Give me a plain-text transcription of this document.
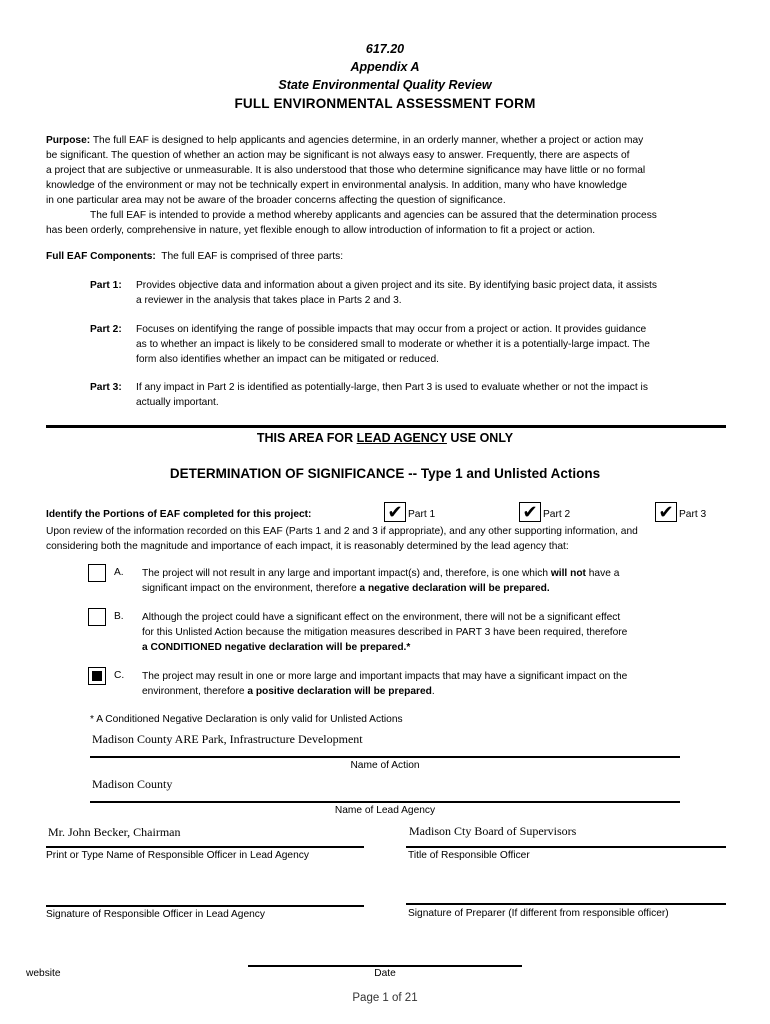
617.20
Appendix A
State Environmental Quality Review
FULL ENVIRONMENTAL ASSESSMENT FORM
Purpose: The full EAF is designed to help applicants and agencies determine, in an orderly manner, whether a project or action may
be significant. The question of whether an action may be significant is not always easy to answer. Frequently, there are aspects of
a project that are subjective or unmeasurable. It is also understood that those who determine significance may have little or no formal
knowledge of the environment or may not be technically expert in environmental analysis. In addition, many who have knowledge
in one particular area may not be aware of the broader concerns affecting the question of significance.
The full EAF is intended to provide a method whereby applicants and agencies can be assured that the determination process
has been orderly, comprehensive in nature, yet flexible enough to allow introduction of information to fit a project or action.
Full EAF Components: The full EAF is comprised of three parts:
Part 1: Provides objective data and information about a given project and its site. By identifying basic project data, it assists
a reviewer in the analysis that takes place in Parts 2 and 3.
Part 2: Focuses on identifying the range of possible impacts that may occur from a project or action. It provides guidance
as to whether an impact is likely to be considered small to moderate or whether it is a potentially-large impact. The
form also identifies whether an impact can be mitigated or reduced.
Part 3: If any impact in Part 2 is identified as potentially-large, then Part 3 is used to evaluate whether or not the impact is
actually important.
THIS AREA FOR LEAD AGENCY USE ONLY
DETERMINATION OF SIGNIFICANCE -- Type 1 and Unlisted Actions
Identify the Portions of EAF completed for this project:	✔ Part 1	✔ Part 2	✔ Part 3
Upon review of the information recorded on this EAF (Parts 1 and 2 and 3 if appropriate), and any other supporting information, and
considering both the magnitude and importance of each impact, it is reasonably determined by the lead agency that:
A. The project will not result in any large and important impact(s) and, therefore, is one which will not have a
significant impact on the environment, therefore a negative declaration will be prepared.
B. Although the project could have a significant effect on the environment, there will not be a significant effect
for this Unlisted Action because the mitigation measures described in PART 3 have been required, therefore
a CONDITIONED negative declaration will be prepared.*
C. The project may result in one or more large and important impacts that may have a significant impact on the
environment, therefore a positive declaration will be prepared.
* A Conditioned Negative Declaration is only valid for Unlisted Actions
Madison County ARE Park, Infrastructure Development
Name of Action
Madison County
Name of Lead Agency
Mr. John Becker, Chairman
Print or Type Name of Responsible Officer in Lead Agency
Madison Cty Board of Supervisors
Title of Responsible Officer
Signature of Responsible Officer in Lead Agency	Signature of Preparer (If different from responsible officer)
website	Date
Page 1 of 21
